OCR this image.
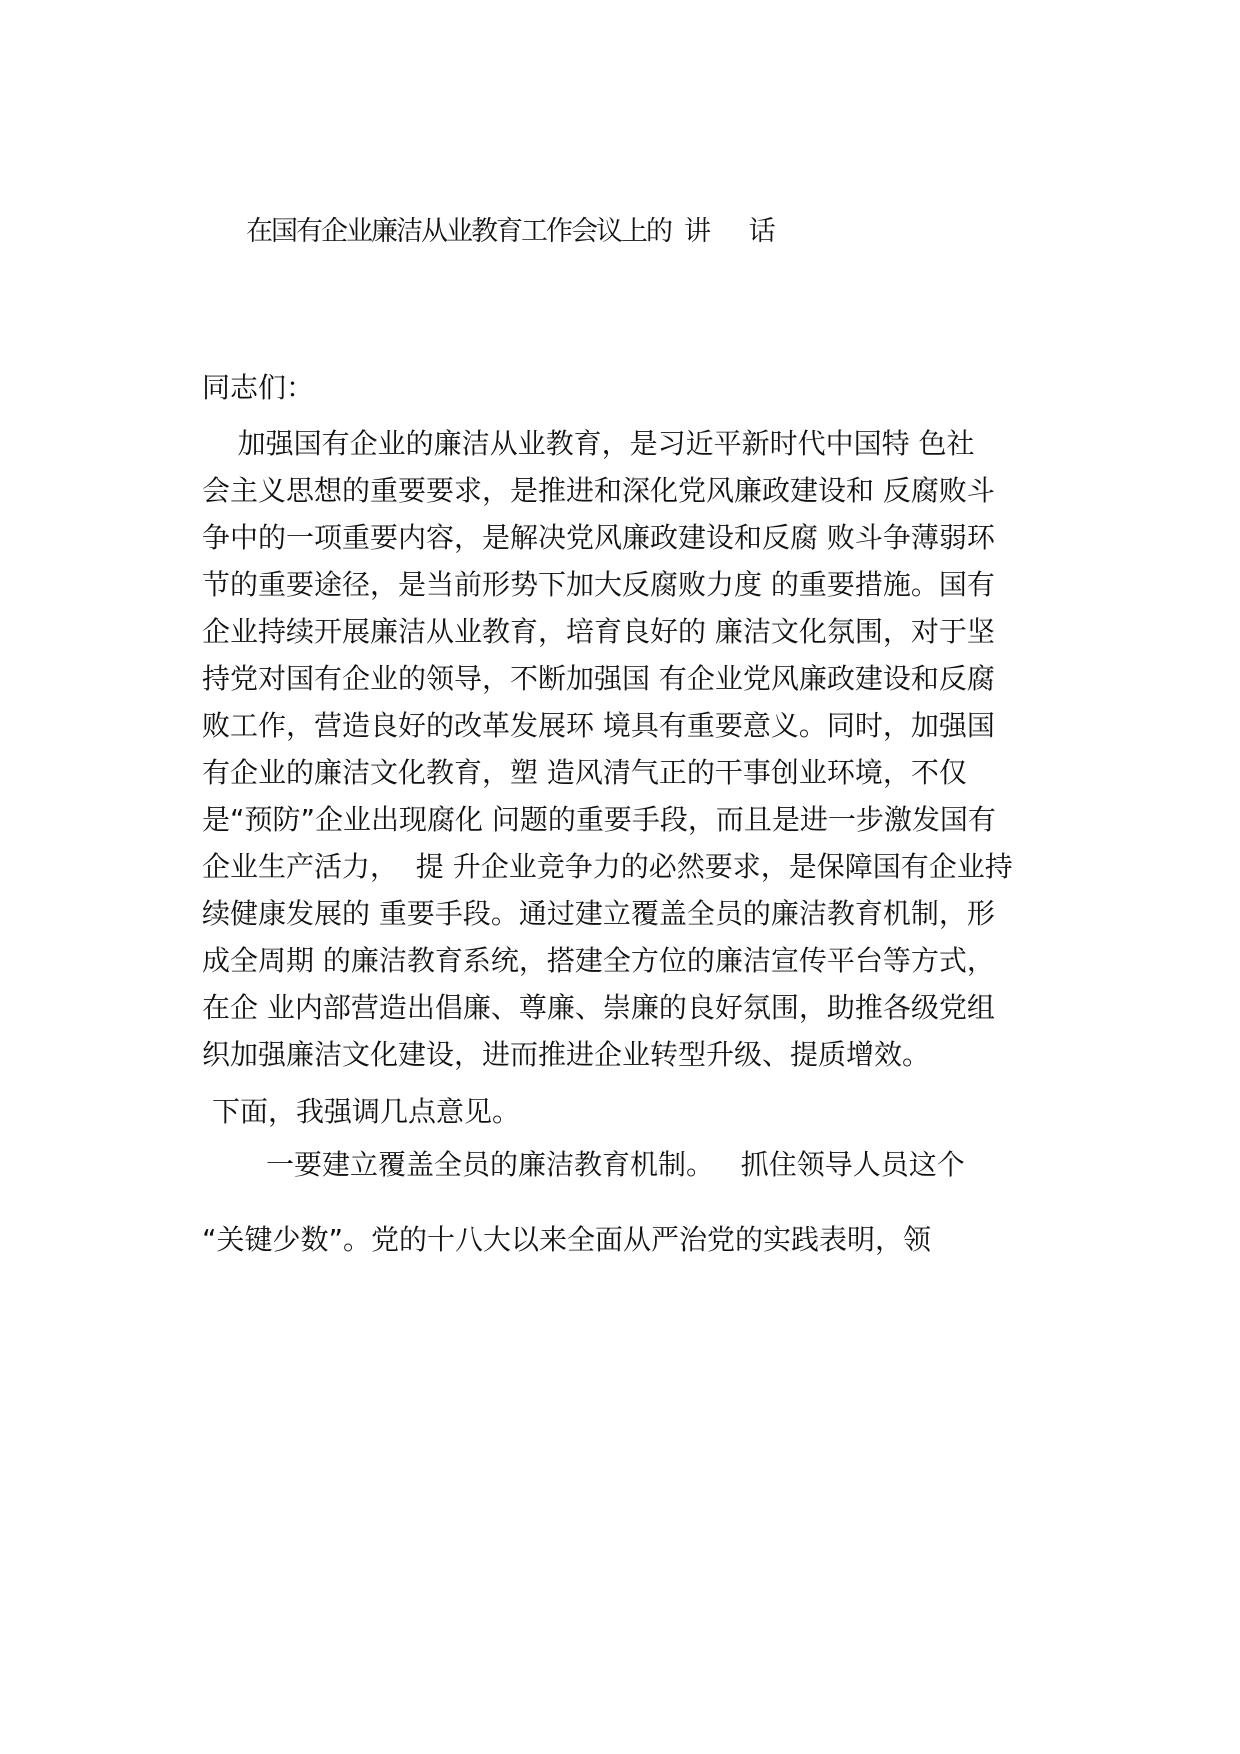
在国有企业廉洁从业教育工作会议上的  讲      话
同志们：
加强国有企业的廉洁从业教育，是习近平新时代中国特 色社
会主义思想的重要要求，是推进和深化党风廉政建设和 反腐败斗
争中的一项重要内容，是解决党风廉政建设和反腐 败斗争薄弱环
节的重要途径，是当前形势下加大反腐败力度 的重要措施。国有
企业持续开展廉洁从业教育，培育良好的 廉洁文化氛围，对于坚
持党对国有企业的领导，不断加强国 有企业党风廉政建设和反腐
败工作，营造良好的改革发展环 境具有重要意义。同时，加强国
有企业的廉洁文化教育，塑 造风清气正的干事创业环境，不仅
是“预防”企业出现腐化 问题的重要手段，而且是进一步激发国有
企业生产活力，  提 升企业竞争力的必然要求，是保障国有企业持
续健康发展的 重要手段。通过建立覆盖全员的廉洁教育机制，形
成全周期 的廉洁教育系统，搭建全方位的廉洁宣传平台等方式，
在企 业内部营造出倡廉、尊廉、崇廉的良好氛围，助推各级党组
织加强廉洁文化建设，进而推进企业转型升级、提质增效。
下面，我强调几点意见。
一要建立覆盖全员的廉洁教育机制。   抓住领导人员这个
“关键少数”。党的十八大以来全面从严治党的实践表明，领
